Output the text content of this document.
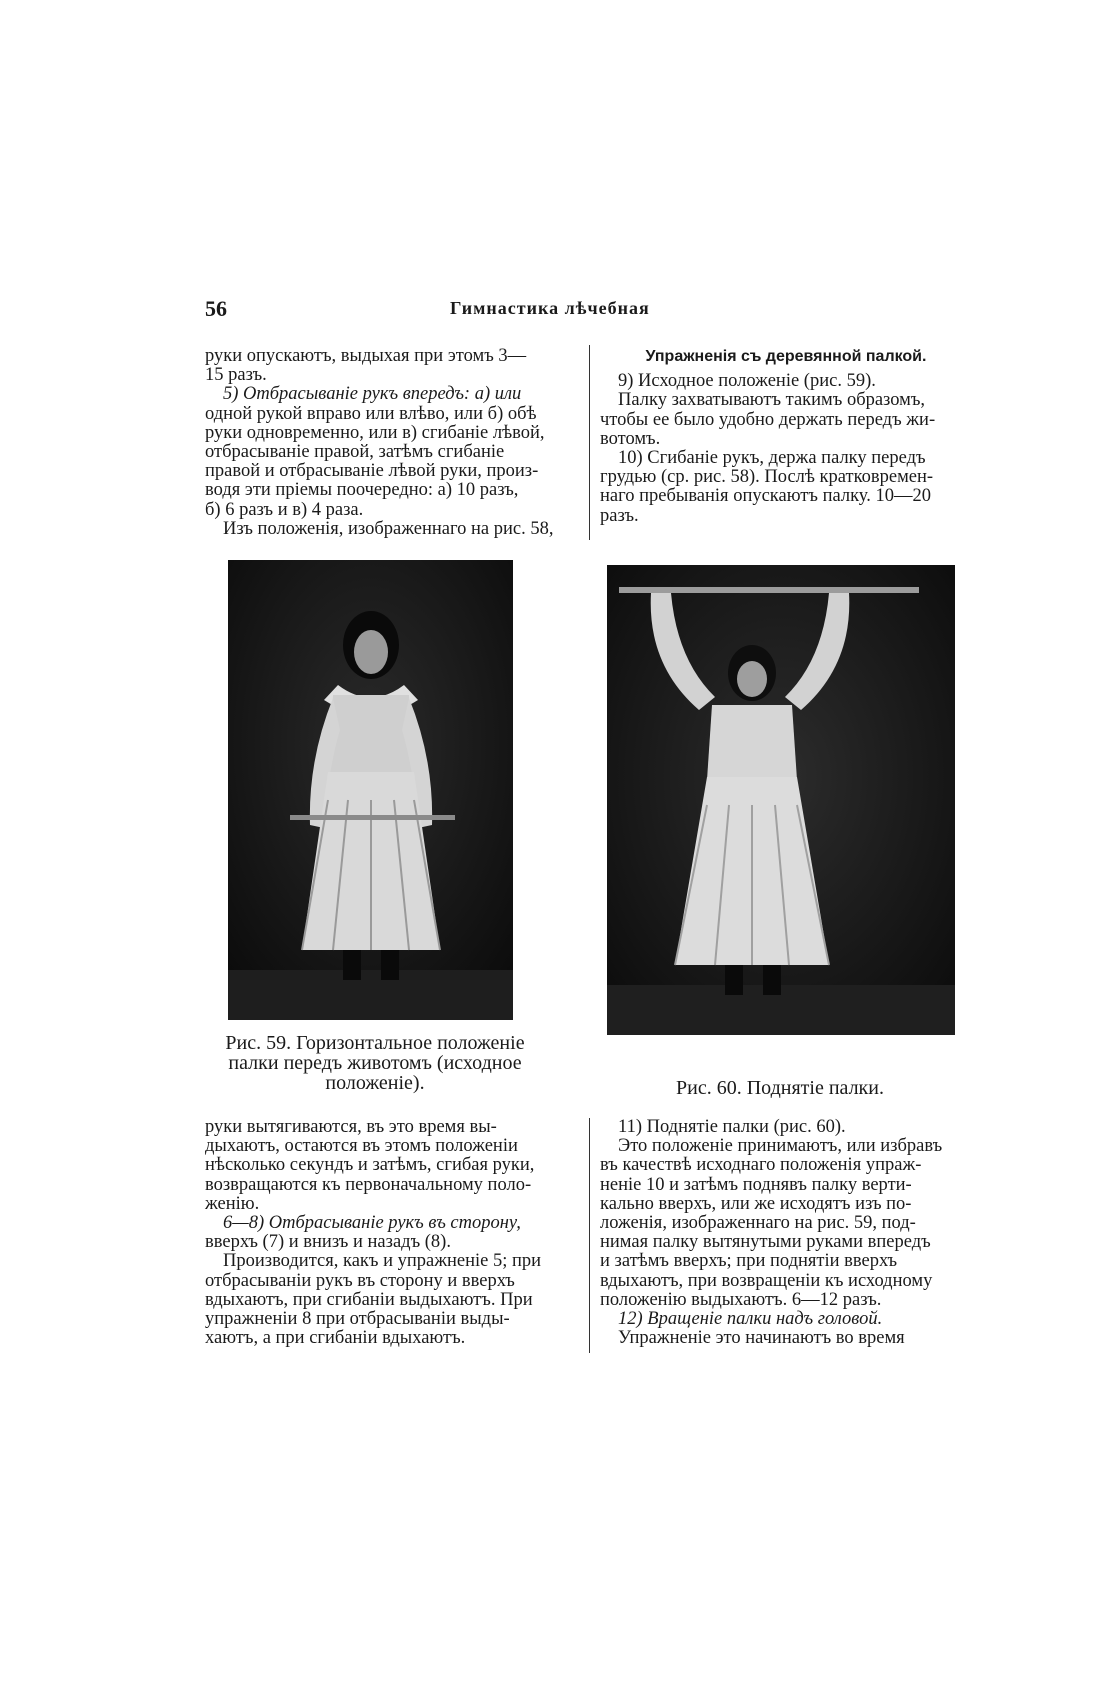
56	Гимнастика лѣчебная

руки опускаютъ, выдыхая при этомъ 3—

15 разъ.

5) Отбрасываніе рукъ впередъ: а) или

одной рукой вправо или влѣво, или б) обѣ

руки одновременно, или в) сгибаніе лѣвой,

отбрасываніе правой, затѣмъ сгибаніе

правой и отбрасываніе лѣвой руки, произ-

водя эти пріемы поочередно: а) 10 разъ,

б) 6 разъ и в) 4 раза.

Изъ положенія, изображеннаго на рис. 58,

Упражненія съ деревянной палкой.

9) Исходное положеніе (рис. 59).

Палку захватываютъ такимъ образомъ,

чтобы ее было удобно держать передъ жи-

вотомъ.

10) Сгибаніе рукъ, держа палку передъ

грудью (ср. рис. 58). Послѣ кратковремен-

наго пребыванія опускаютъ палку. 10—20

разъ.

Рис. 59. Горизонтальное положеніе
палки передъ животомъ (исходное
положеніе).	Рис. 60. Поднятіе палки.

руки вытягиваются, въ это время вы-

дыхаютъ, остаются въ этомъ положеніи

нѣсколько секундъ и затѣмъ, сгибая руки,

возвращаются къ первоначальному поло-

женію.

6—8) Отбрасываніе рукъ въ сторону,

вверхъ (7) и внизъ и назадъ (8).

Производится, какъ и упражненіе 5; при

отбрасываніи рукъ въ сторону и вверхъ

вдыхаютъ, при сгибаніи выдыхаютъ. При

упражненіи 8 при отбрасываніи выды-

хаютъ, а при сгибаніи вдыхаютъ.

11) Поднятіе палки (рис. 60).

Это положеніе принимаютъ, или избравъ

въ качествѣ исходнаго положенія упраж-

неніе 10 и затѣмъ поднявъ палку верти-

кально вверхъ, или же исходятъ изъ по-

ложенія, изображеннаго на рис. 59, под-

нимая палку вытянутыми руками впередъ

и затѣмъ вверхъ; при поднятіи вверхъ

вдыхаютъ, при возвращеніи къ исходному

положенію выдыхаютъ. 6—12 разъ.

12) Вращеніе палки надъ головой.

Упражненіе это начинаютъ во время
